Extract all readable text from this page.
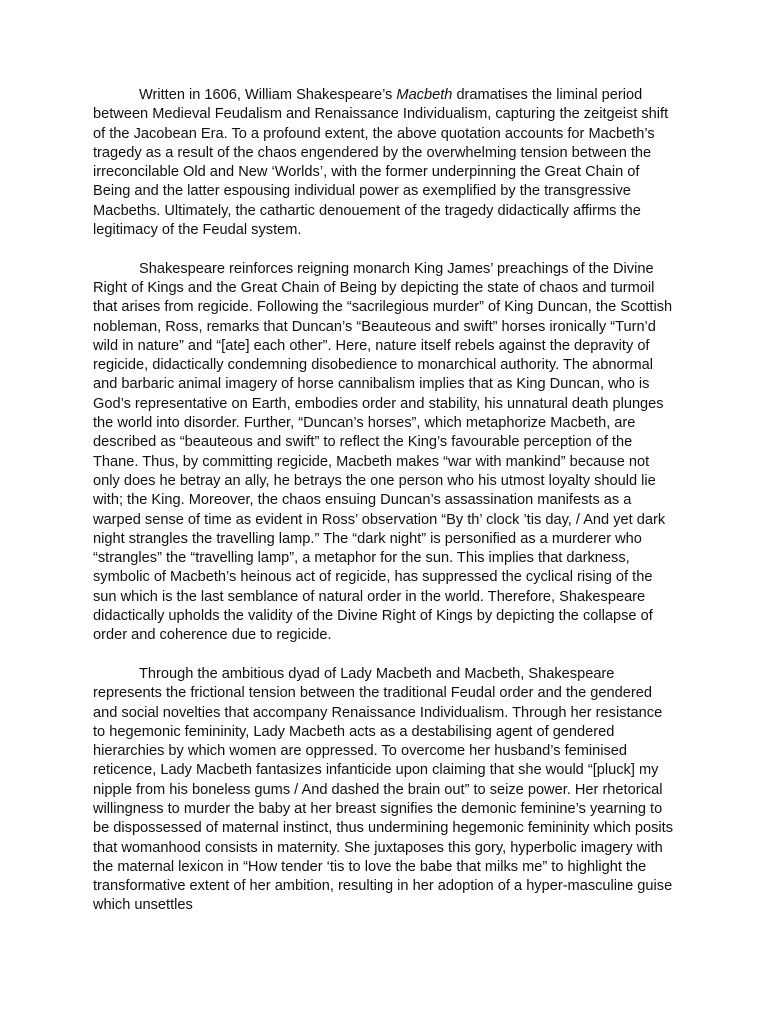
Written in 1606, William Shakespeare’s Macbeth dramatises the liminal period between Medieval Feudalism and Renaissance Individualism, capturing the zeitgeist shift of the Jacobean Era. To a profound extent, the above quotation accounts for Macbeth’s tragedy as a result of the chaos engendered by the overwhelming tension between the irreconcilable Old and New ‘Worlds’, with the former underpinning the Great Chain of Being and the latter espousing individual power as exemplified by the transgressive Macbeths. Ultimately, the cathartic denouement of the tragedy didactically affirms the legitimacy of the Feudal system.

Shakespeare reinforces reigning monarch King James’ preachings of the Divine Right of Kings and the Great Chain of Being by depicting the state of chaos and turmoil that arises from regicide. Following the “sacrilegious murder” of King Duncan, the Scottish nobleman, Ross, remarks that Duncan’s “Beauteous and swift” horses ironically “Turn’d wild in nature” and “[ate] each other”. Here, nature itself rebels against the depravity of regicide, didactically condemning disobedience to monarchical authority. The abnormal and barbaric animal imagery of horse cannibalism implies that as King Duncan, who is God’s representative on Earth, embodies order and stability, his unnatural death plunges the world into disorder. Further, “Duncan’s horses”, which metaphorize Macbeth, are described as “beauteous and swift” to reflect the King’s favourable perception of the Thane. Thus, by committing regicide, Macbeth makes “war with mankind” because not only does he betray an ally, he betrays the one person who his utmost loyalty should lie with; the King. Moreover, the chaos ensuing Duncan’s assassination manifests as a warped sense of time as evident in Ross’ observation “By th’ clock ’tis day, / And yet dark night strangles the travelling lamp.” The “dark night” is personified as a murderer who “strangles” the “travelling lamp”, a metaphor for the sun. This implies that darkness, symbolic of Macbeth’s heinous act of regicide, has suppressed the cyclical rising of the sun which is the last semblance of natural order in the world. Therefore, Shakespeare didactically upholds the validity of the Divine Right of Kings by depicting the collapse of order and coherence due to regicide.

Through the ambitious dyad of Lady Macbeth and Macbeth, Shakespeare represents the frictional tension between the traditional Feudal order and the gendered and social novelties that accompany Renaissance Individualism. Through her resistance to hegemonic femininity, Lady Macbeth acts as a destabilising agent of gendered hierarchies by which women are oppressed. To overcome her husband’s feminised reticence, Lady Macbeth fantasizes infanticide upon claiming that she would “[pluck] my nipple from his boneless gums / And dashed the brain out” to seize power. Her rhetorical willingness to murder the baby at her breast signifies the demonic feminine’s yearning to be dispossessed of maternal instinct, thus undermining hegemonic femininity which posits that womanhood consists in maternity. She juxtaposes this gory, hyperbolic imagery with the maternal lexicon in “How tender ‘tis to love the babe that milks me” to highlight the transformative extent of her ambition, resulting in her adoption of a hyper-masculine guise which unsettles
